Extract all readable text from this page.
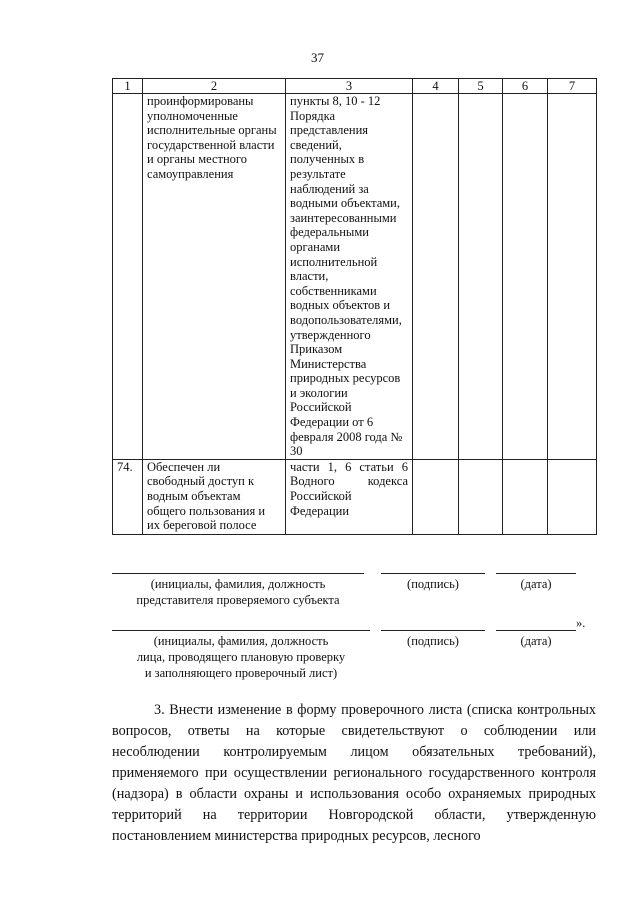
37
1	2	3	4	5	6	7
	проинформированы уполномоченные исполнительные органы государственной власти и органы местного самоуправления	пункты 8, 10 - 12 Порядка представления сведений, полученных в результате наблюдений за водными объектами, заинтересованными федеральными органами исполнительной власти, собственниками водных объектов и водопользователями, утвержденного Приказом Министерства природных ресурсов и экологии Российской Федерации от 6 февраля 2008 года № 30				
74.	Обеспечен ли свободный доступ к водным объектам общего пользования и их береговой полосе	части 1, 6 статьи 6 Водного кодекса Российской Федерации				
(инициалы, фамилия, должность
представителя проверяемого субъекта
(подпись)	(дата)
».
(инициалы, фамилия, должность
лица, проводящего плановую проверку
и заполняющего проверочный лист)
(подпись)	(дата)
3. Внести изменение в форму проверочного листа (списка контрольных вопросов, ответы на которые свидетельствуют о соблюдении или несоблюдении контролируемым лицом обязательных требований), применяемого при осуществлении регионального государственного контроля (надзора) в области охраны и использования особо охраняемых природных территорий на территории Новгородской области, утвержденную постановлением министерства природных ресурсов, лесного
